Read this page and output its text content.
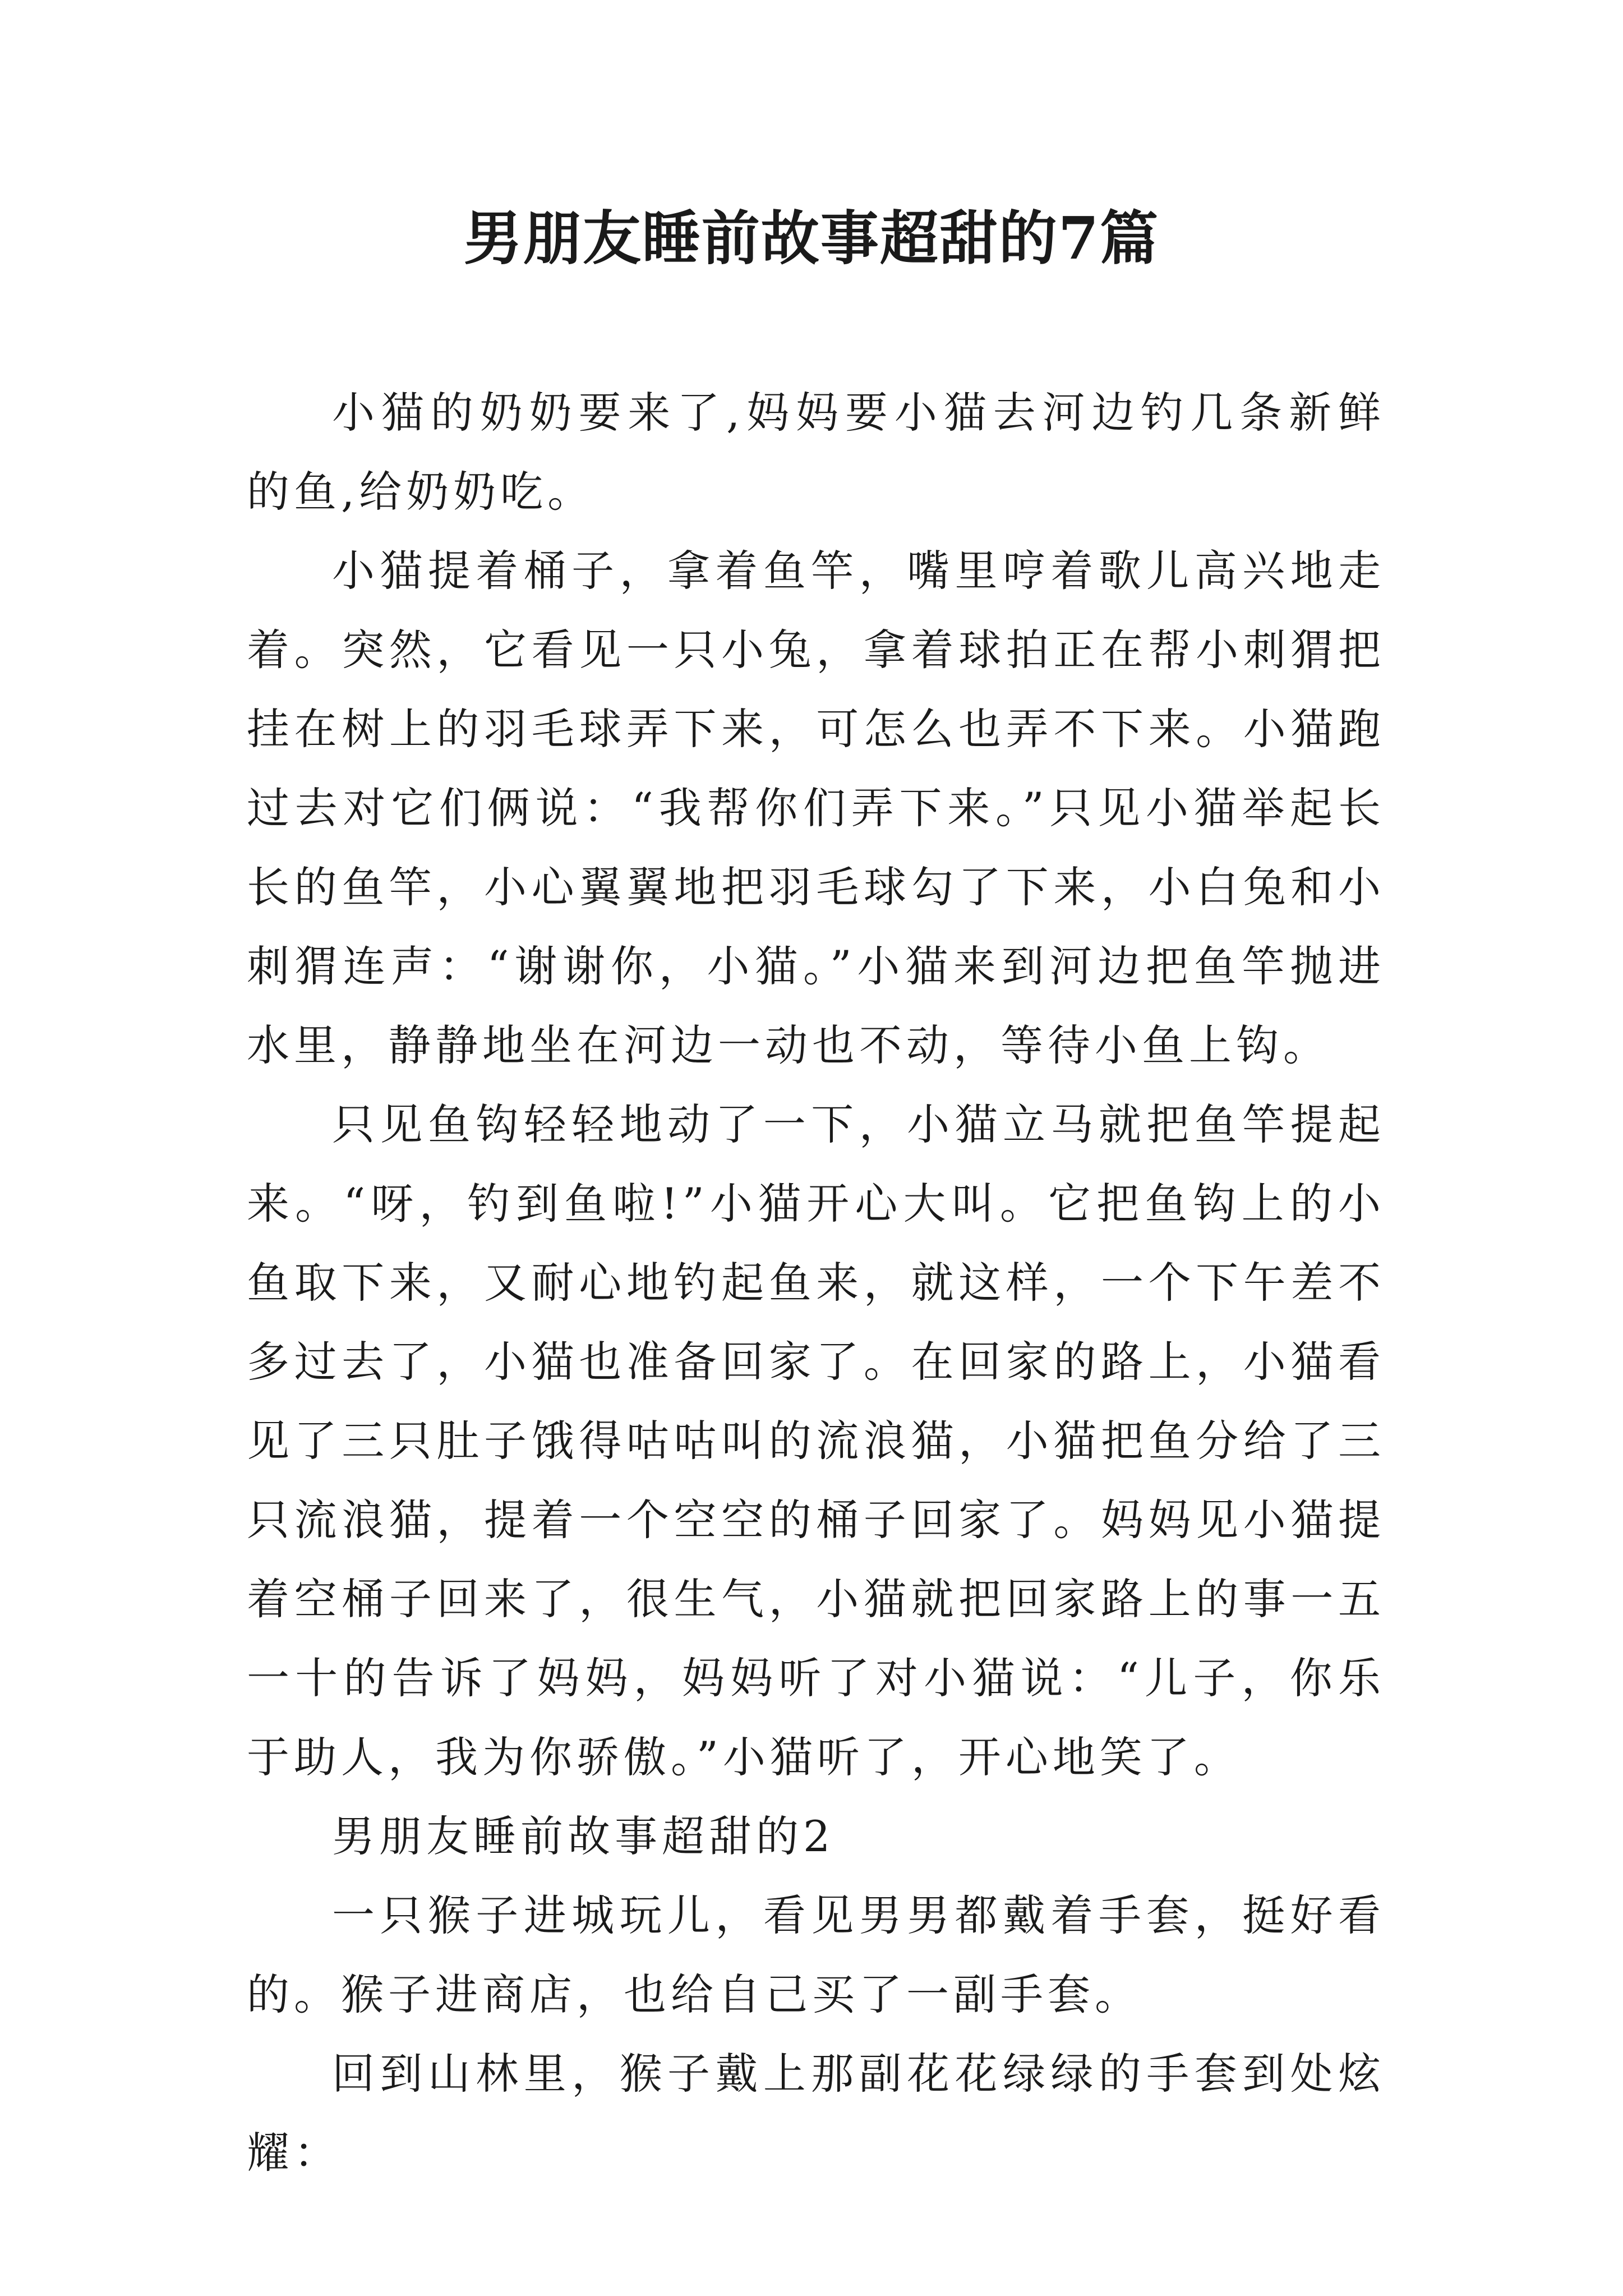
男朋友睡前故事超甜的7篇

小猫的奶奶要来了,妈妈要小猫去河边钓几条新鲜的鱼,给奶奶吃。

小猫提着桶子，拿着鱼竿，嘴里哼着歌儿高兴地走着。突然，它看见一只小兔，拿着球拍正在帮小刺猬把挂在树上的羽毛球弄下来，可怎么也弄不下来。小猫跑过去对它们俩说：“我帮你们弄下来。”只见小猫举起长长的鱼竿，小心翼翼地把羽毛球勾了下来，小白兔和小刺猬连声：“谢谢你，小猫。”小猫来到河边把鱼竿抛进水里，静静地坐在河边一动也不动，等待小鱼上钩。

只见鱼钩轻轻地动了一下，小猫立马就把鱼竿提起来。“呀，钓到鱼啦!”小猫开心大叫。它把鱼钩上的小鱼取下来，又耐心地钓起鱼来，就这样，一个下午差不多过去了，小猫也准备回家了。在回家的路上，小猫看见了三只肚子饿得咕咕叫的流浪猫，小猫把鱼分给了三只流浪猫，提着一个空空的桶子回家了。妈妈见小猫提着空桶子回来了，很生气，小猫就把回家路上的事一五一十的告诉了妈妈，妈妈听了对小猫说：“儿子，你乐于助人，我为你骄傲。”小猫听了，开心地笑了。

男朋友睡前故事超甜的2

一只猴子进城玩儿，看见男男都戴着手套，挺好看的。猴子进商店，也给自己买了一副手套。

回到山林里，猴子戴上那副花花绿绿的手套到处炫耀：
